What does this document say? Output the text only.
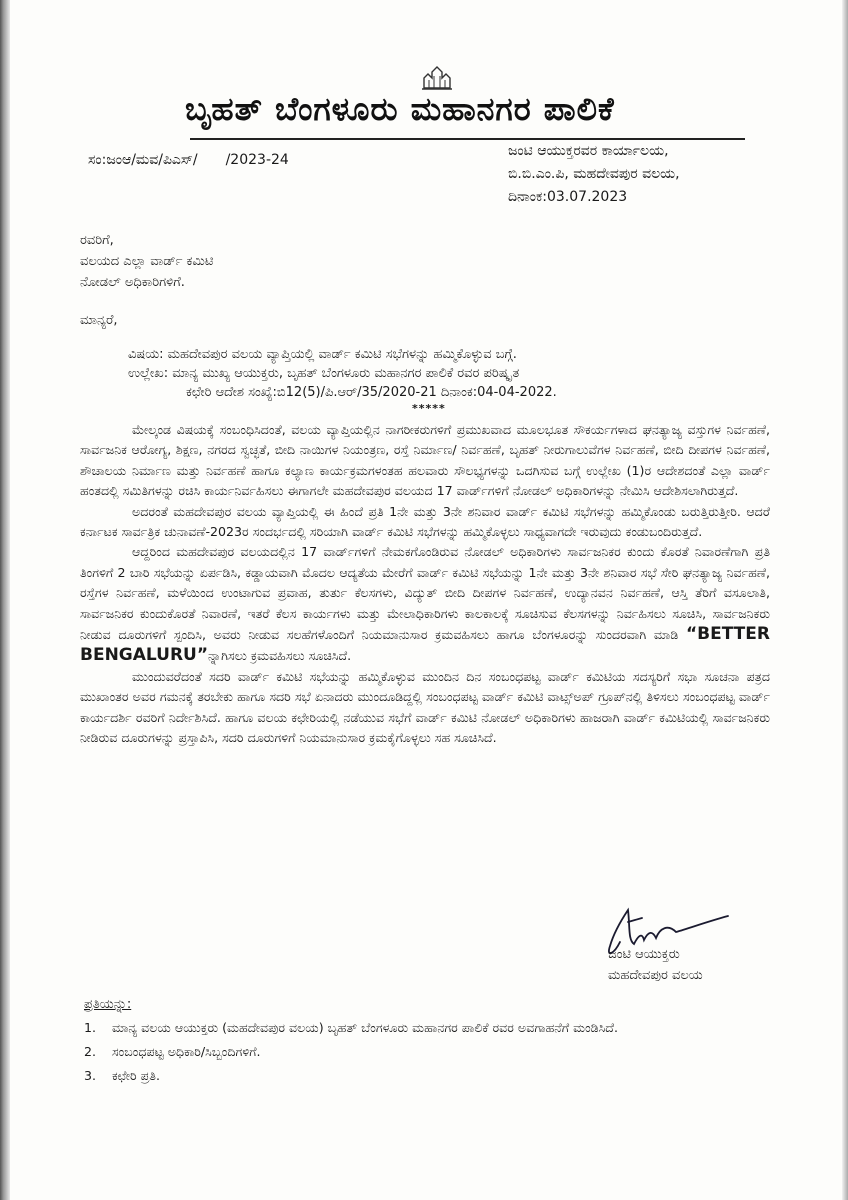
ಬೃಹತ್ ಬೆಂಗಳೂರು ಮಹಾನಗರ ಪಾಲಿಕೆ
ಸಂ:ಜಂಆ/ಮವ/ಪಿಎಸ್/ /2023-24
ಜಂಟಿ ಆಯುಕ್ತರವರ ಕಾರ್ಯಾಲಯ,
ಬಿ.ಬಿ.ಎಂ.ಪಿ, ಮಹದೇವಪುರ ವಲಯ,
ದಿನಾಂಕ:03.07.2023
ರವರಿಗೆ,
ವಲಯದ ಎಲ್ಲಾ ವಾರ್ಡ್ ಕಮಿಟಿ
ನೋಡಲ್ ಅಧಿಕಾರಿಗಳಿಗೆ.
ಮಾನ್ಯರೆ,
ವಿಷಯ: ಮಹದೇವಪುರ ವಲಯ ವ್ಯಾಪ್ತಿಯಲ್ಲಿ ವಾರ್ಡ್ ಕಮಿಟಿ ಸಭೆಗಳನ್ನು ಹಮ್ಮಿಕೊಳ್ಳುವ ಬಗ್ಗೆ.
ಉಲ್ಲೇಖ: ಮಾನ್ಯ ಮುಖ್ಯ ಆಯುಕ್ತರು, ಬೃಹತ್ ಬೆಂಗಳೂರು ಮಹಾನಗರ ಪಾಲಿಕೆ ರವರ ಪರಿಷ್ಕೃತ
ಕಛೇರಿ ಆದೇಶ ಸಂಖ್ಯೆ:ಬಿ12(5)/ಪಿ.ಆರ್/35/2020-21 ದಿನಾಂಕ:04-04-2022.
*****

ಮೇಲ್ಕಂಡ ವಿಷಯಕ್ಕೆ ಸಂಬಂಧಿಸಿದಂತೆ, ವಲಯ ವ್ಯಾಪ್ತಿಯಲ್ಲಿನ ನಾಗರೀಕರುಗಳಿಗೆ ಪ್ರಮುಖವಾದ ಮೂಲಭೂತ ಸೌಕರ್ಯಗಳಾದ ಘನತ್ಯಾಜ್ಯ ವಸ್ತುಗಳ ನಿರ್ವಹಣೆ, ಸಾರ್ವಜನಿಕ ಆರೋಗ್ಯ, ಶಿಕ್ಷಣ, ನಗರದ ಸ್ವಚ್ಛತೆ, ಬೀದಿ ನಾಯಿಗಳ ನಿಯಂತ್ರಣ, ರಸ್ತೆ ನಿರ್ಮಾಣ/ ನಿರ್ವಹಣೆ, ಬೃಹತ್ ನೀರುಗಾಲುವೆಗಳ ನಿರ್ವಹಣೆ, ಬೀದಿ ದೀಪಗಳ ನಿರ್ವಹಣೆ, ಶೌಚಾಲಯ ನಿರ್ಮಾಣ ಮತ್ತು ನಿರ್ವಹಣೆ ಹಾಗೂ ಕಲ್ಯಾಣ ಕಾರ್ಯಕ್ರಮಗಳಂತಹ ಹಲವಾರು ಸೌಲಭ್ಯಗಳನ್ನು ಒದಗಿಸುವ ಬಗ್ಗೆ ಉಲ್ಲೇಖ (1)ರ ಆದೇಶದಂತೆ ಎಲ್ಲಾ ವಾರ್ಡ್ ಹಂತದಲ್ಲಿ ಸಮಿತಿಗಳನ್ನು ರಚಿಸಿ ಕಾರ್ಯನಿರ್ವಹಿಸಲು ಈಗಾಗಲೇ ಮಹದೇವಪುರ ವಲಯದ 17 ವಾರ್ಡ್‌ಗಳಿಗೆ ನೋಡಲ್ ಅಧಿಕಾರಿಗಳನ್ನು ನೇಮಿಸಿ ಆದೇಶಿಸಲಾಗಿರುತ್ತದೆ.

ಅದರಂತೆ ಮಹದೇವಪುರ ವಲಯ ವ್ಯಾಪ್ತಿಯಲ್ಲಿ ಈ ಹಿಂದೆ ಪ್ರತಿ 1ನೇ ಮತ್ತು 3ನೇ ಶನಿವಾರ ವಾರ್ಡ್ ಕಮಿಟಿ ಸಭೆಗಳನ್ನು ಹಮ್ಮಿಕೊಂಡು ಬರುತ್ತಿರುತ್ತೀರಿ. ಆದರೆ ಕರ್ನಾಟಕ ಸಾರ್ವತ್ರಿಕ ಚುನಾವಣೆ-2023ರ ಸಂದರ್ಭದಲ್ಲಿ ಸರಿಯಾಗಿ ವಾರ್ಡ್ ಕಮಿಟಿ ಸಭೆಗಳನ್ನು ಹಮ್ಮಿಕೊಳ್ಳಲು ಸಾಧ್ಯವಾಗದೇ ಇರುವುದು ಕಂಡುಬಂದಿರುತ್ತದೆ.

ಆದ್ದರಿಂದ ಮಹದೇವಪುರ ವಲಯದಲ್ಲಿನ 17 ವಾರ್ಡ್‌ಗಳಿಗೆ ನೇಮಕಗೊಂಡಿರುವ ನೋಡಲ್ ಅಧಿಕಾರಿಗಳು ಸಾರ್ವಜನಿಕರ ಕುಂದು ಕೊರತೆ ನಿವಾರಣೆಗಾಗಿ ಪ್ರತಿ ತಿಂಗಳಿಗೆ 2 ಬಾರಿ ಸಭೆಯನ್ನು ಏರ್ಪಡಿಸಿ, ಕಡ್ಡಾಯವಾಗಿ ಮೊದಲ ಆದ್ಯತೆಯ ಮೇರೆಗೆ ವಾರ್ಡ್ ಕಮಿಟಿ ಸಭೆಯನ್ನು 1ನೇ ಮತ್ತು 3ನೇ ಶನಿವಾರ ಸಭೆ ಸೇರಿ ಘನತ್ಯಾಜ್ಯ ನಿರ್ವಹಣೆ, ರಸ್ತೆಗಳ ನಿರ್ವಹಣೆ, ಮಳೆಯಿಂದ ಉಂಟಾಗುವ ಪ್ರವಾಹ, ತುರ್ತು ಕೆಲಸಗಳು, ವಿದ್ಯುತ್ ಬೀದಿ ದೀಪಗಳ ನಿರ್ವಹಣೆ, ಉದ್ಯಾನವನ ನಿರ್ವಹಣೆ, ಆಸ್ತಿ ತೆರಿಗೆ ವಸೂಲಾತಿ, ಸಾರ್ವಜನಿಕರ ಕುಂದುಕೊರತೆ ನಿವಾರಣೆ, ಇತರೆ ಕೆಲಸ ಕಾರ್ಯಗಳು ಮತ್ತು ಮೇಲಾಧಿಕಾರಿಗಳು ಕಾಲಕಾಲಕ್ಕೆ ಸೂಚಿಸುವ ಕೆಲಸಗಳನ್ನು ನಿರ್ವಹಿಸಲು ಸೂಚಿಸಿ, ಸಾರ್ವಜನಿಕರು ನೀಡುವ ದೂರುಗಳಿಗೆ ಸ್ಪಂದಿಸಿ, ಅವರು ನೀಡುವ ಸಲಹೆಗಳೊಂದಿಗೆ ನಿಯಮಾನುಸಾರ ಕ್ರಮವಹಿಸಲು ಹಾಗೂ ಬೆಂಗಳೂರನ್ನು ಸುಂದರವಾಗಿ ಮಾಡಿ “BETTER BENGALURU”ನ್ನಾಗಿಸಲು ಕ್ರಮವಹಿಸಲು ಸೂಚಿಸಿದೆ.

ಮುಂದುವರೆದಂತೆ ಸದರಿ ವಾರ್ಡ್ ಕಮಿಟಿ ಸಭೆಯನ್ನು ಹಮ್ಮಿಕೊಳ್ಳುವ ಮುಂದಿನ ದಿನ ಸಂಬಂಧಪಟ್ಟ ವಾರ್ಡ್ ಕಮಿಟಿಯ ಸದಸ್ಯರಿಗೆ ಸಭಾ ಸೂಚನಾ ಪತ್ರದ ಮುಖಾಂತರ ಅವರ ಗಮನಕ್ಕೆ ತರಬೇಕು ಹಾಗೂ ಸದರಿ ಸಭೆ ಏನಾದರು ಮುಂದೂಡಿದ್ದಲ್ಲಿ ಸಂಬಂಧಪಟ್ಟ ವಾರ್ಡ್ ಕಮಿಟಿ ವಾಟ್ಸ್ಅಪ್ ಗ್ರೂಪ್‌ನಲ್ಲಿ ತಿಳಿಸಲು ಸಂಬಂಧಪಟ್ಟ ವಾರ್ಡ್ ಕಾರ್ಯದರ್ಶಿ ರವರಿಗೆ ನಿರ್ದೇಶಿಸಿದೆ. ಹಾಗೂ ವಲಯ ಕಛೇರಿಯಲ್ಲಿ ನಡೆಯುವ ಸಭೆಗೆ ವಾರ್ಡ್ ಕಮಿಟಿ ನೋಡಲ್ ಅಧಿಕಾರಿಗಳು ಹಾಜರಾಗಿ ವಾರ್ಡ್ ಕಮಿಟಿಯಲ್ಲಿ ಸಾರ್ವಜನಿಕರು ನೀಡಿರುವ ದೂರುಗಳನ್ನು ಪ್ರಸ್ತಾಪಿಸಿ, ಸದರಿ ದೂರುಗಳಿಗೆ ನಿಯಮಾನುಸಾರ ಕ್ರಮಕೈಗೊಳ್ಳಲು ಸಹ ಸೂಚಿಸಿದೆ.

ಜಂಟಿ ಆಯುಕ್ತರು
ಮಹದೇವಪುರ ವಲಯ
ಪ್ರತಿಯನ್ನು:
1. ಮಾನ್ಯ ವಲಯ ಆಯುಕ್ತರು (ಮಹದೇವಪುರ ವಲಯ) ಬೃಹತ್ ಬೆಂಗಳೂರು ಮಹಾನಗರ ಪಾಲಿಕೆ ರವರ ಅವಗಾಹನೆಗೆ ಮಂಡಿಸಿದೆ.
2. ಸಂಬಂಧಪಟ್ಟ ಅಧಿಕಾರಿ/ಸಿಬ್ಬಂದಿಗಳಿಗೆ.
3. ಕಛೇರಿ ಪ್ರತಿ.
